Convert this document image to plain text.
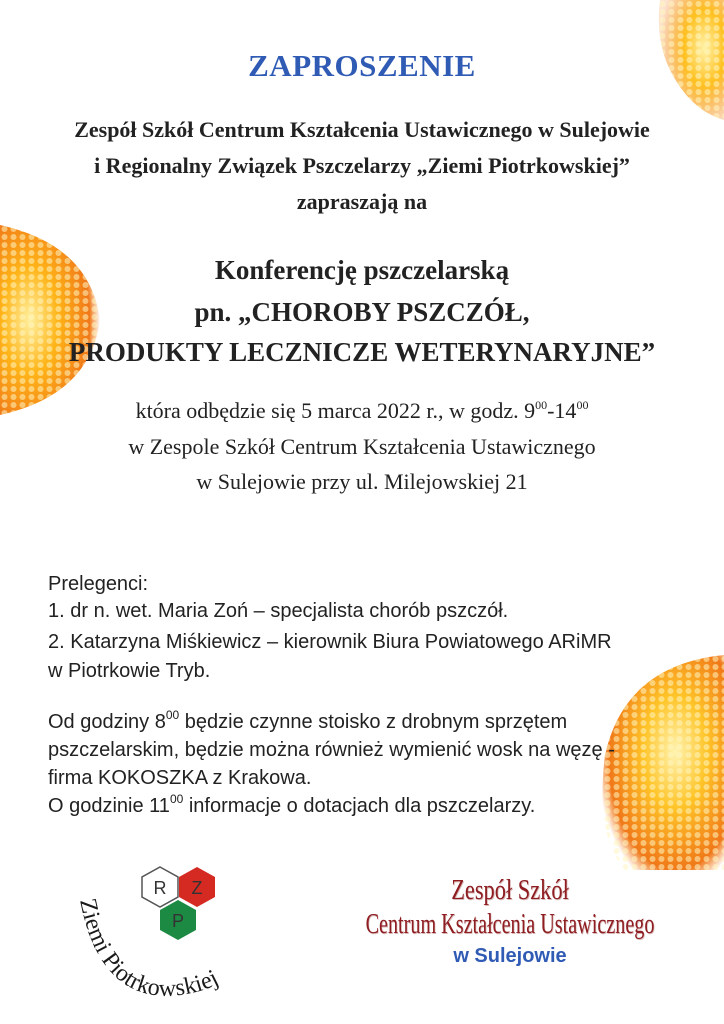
ZAPROSZENIE
Zespół Szkół Centrum Kształcenia Ustawicznego w Sulejowie
i Regionalny Związek Pszczelarzy „Ziemi Piotrkowskiej”
zapraszają na
Konferencję pszczelarską
pn. „CHOROBY PSZCZÓŁ,
PRODUKTY LECZNICZE WETERYNARYJNE”
która odbędzie się 5 marca 2022 r., w godz. $9^{00}-14^{00}$
w Zespole Szkół Centrum Kształcenia Ustawicznego
w Sulejowie przy ul. Milejowskiej 21
Prelegenci:
1. dr n. wet. Maria Zoń – specjalista chorób pszczół.
2. Katarzyna Miśkiewicz – kierownik Biura Powiatowego ARiMR
w Piotrkowie Tryb.
Od godziny $8^{00}$ będzie czynne stoisko z drobnym sprzętem
pszczelarskim, będzie można również wymienić wosk na węzę -
firma KOKOSZKA z Krakowa.
O godzinie $11^{00}$ informacje o dotacjach dla pszczelarzy.
R Z
P
Ziemi Piotrkowskiej
Zespół Szkół
Centrum Kształcenia Ustawicznego
w Sulejowie
